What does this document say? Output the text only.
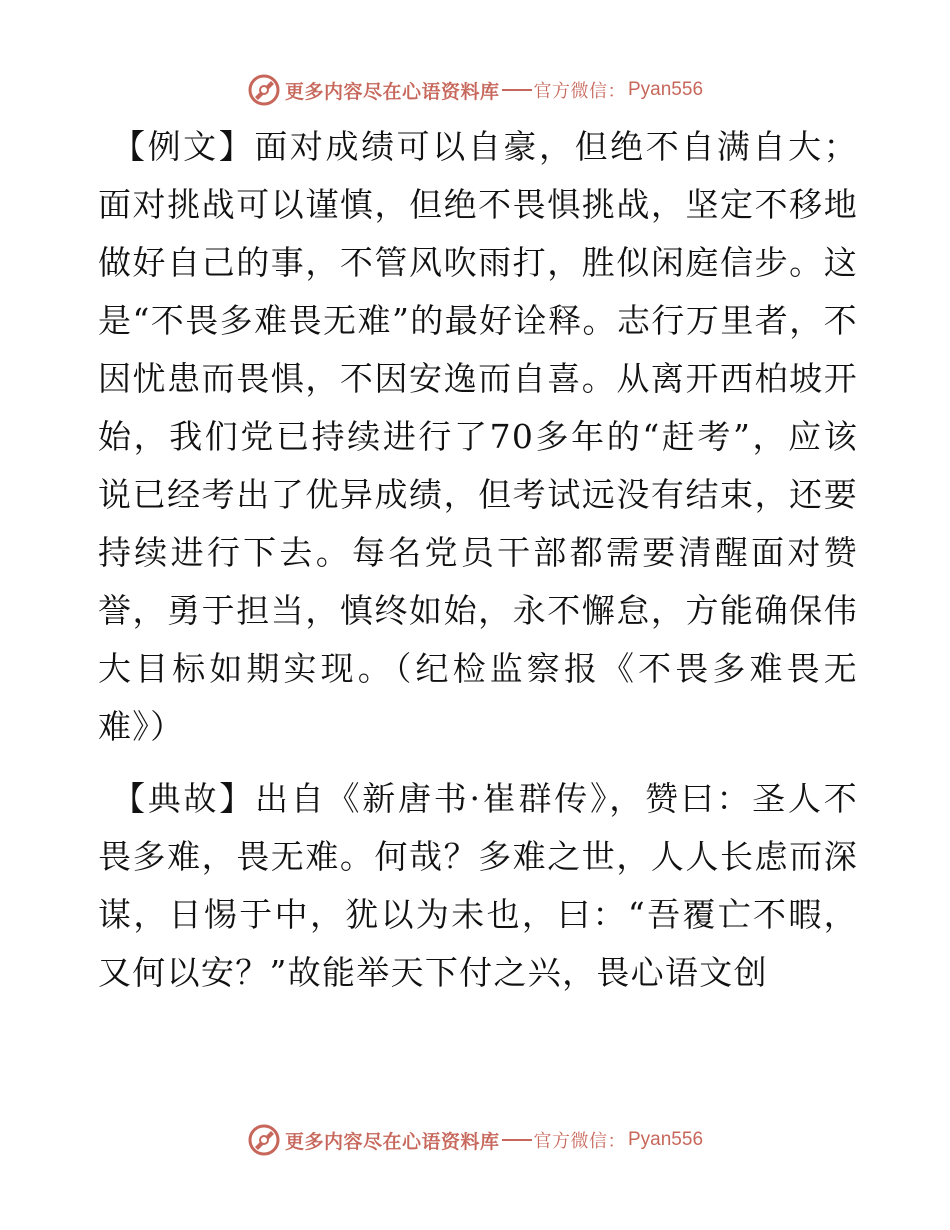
更多内容尽在心语资料库 官方微信： Pyan556

【例文】面对成绩可以自豪，但绝不自满自大；面对挑战可以谨慎，但绝不畏惧挑战，坚定不移地做好自己的事，不管风吹雨打，胜似闲庭信步。这是“不畏多难畏无难”的最好诠释。志行万里者，不因忧患而畏惧，不因安逸而自喜。从离开西柏坡开始，我们党已持续进行了70多年的“赶考”，应该说已经考出了优异成绩，但考试远没有结束，还要持续进行下去。每名党员干部都需要清醒面对赞誉，勇于担当，慎终如始，永不懈怠，方能确保伟大目标如期实现。（纪检监察报《不畏多难畏无难》）

【典故】出自《新唐书·崔群传》，赞曰：圣人不畏多难，畏无难。何哉？多难之世，人人长虑而深谋，日惕于中，犹以为未也，曰：“吾覆亡不暇，又何以安？”故能举天下付之兴，畏心语文创

更多内容尽在心语资料库 官方微信： Pyan556
